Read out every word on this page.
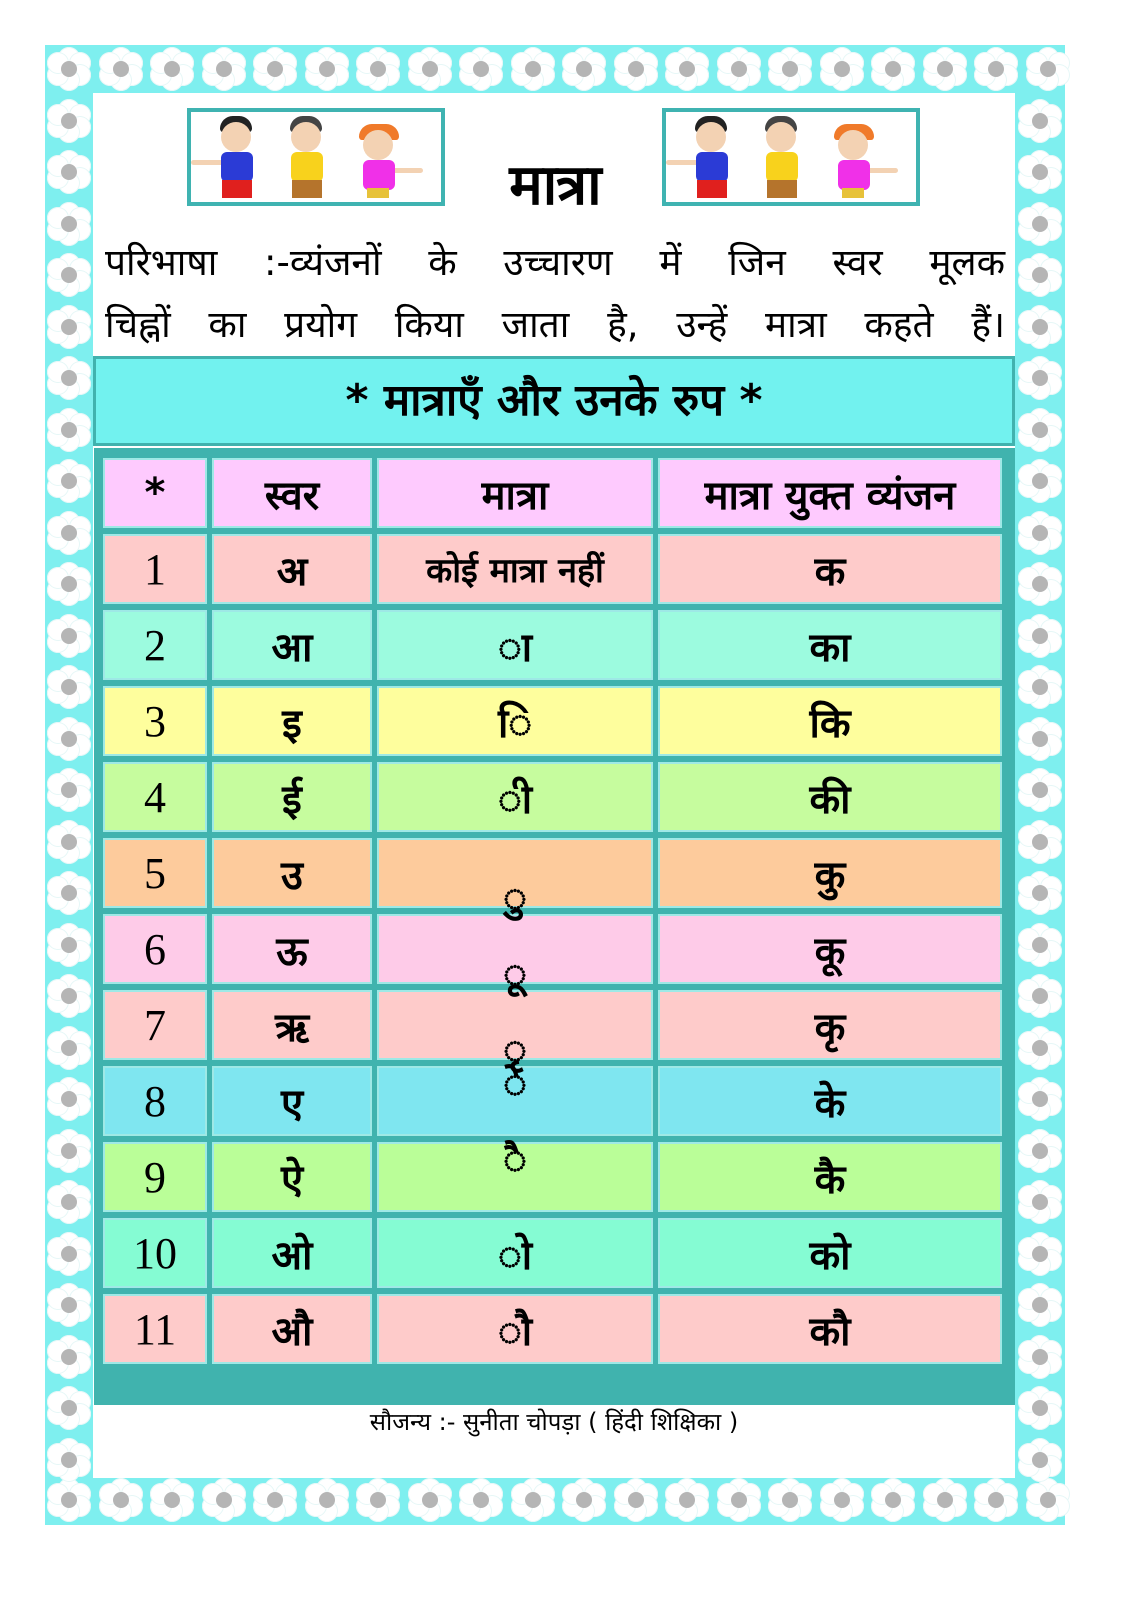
मात्रा
परिभाषा :-व्यंजनों के उच्चारण में जिन स्वर मूलक
चिह्नों का प्रयोग किया जाता है, उन्हें मात्रा कहते हैं।
* मात्राएँ और उनके रुप *
*	स्वर	मात्रा	मात्रा युक्त व्यंजन
1	अ	कोई मात्रा नहीं	क
2	आ	ा	का
3	इ	ि	कि
4	ई	ी	की
5	उ	ु	कु
6	ऊ	ू	कू
7	ऋ	ृ	कृ
8	ए	े	के
9	ऐ	ै	कै
10	ओ	ो	को
11	औ	ौ	कौ
सौजन्य :- सुनीता चोपड़ा ( हिंदी शिक्षिका )
